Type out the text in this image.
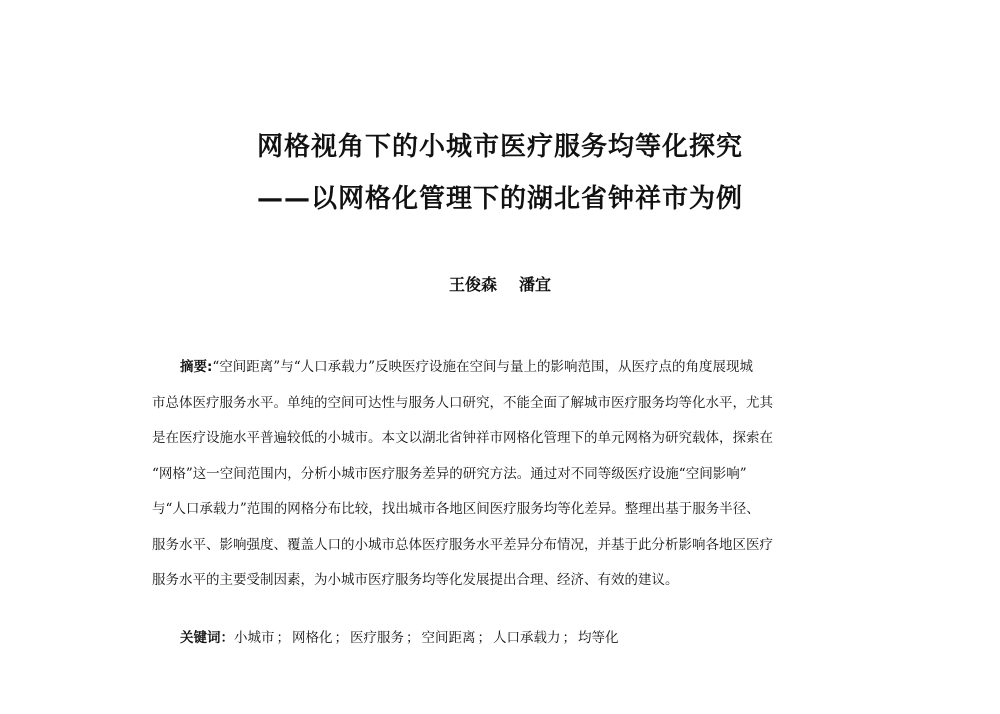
网格视角下的小城市医疗服务均等化探究
——以网格化管理下的湖北省钟祥市为例
王俊森 潘宜
摘要:“空间距离”与“人口承载力”反映医疗设施在空间与量上的影响范围，从医疗点的角度展现城
市总体医疗服务水平。单纯的空间可达性与服务人口研究，不能全面了解城市医疗服务均等化水平，尤其
是在医疗设施水平普遍较低的小城市。本文以湖北省钟祥市网格化管理下的单元网格为研究载体，探索在
“网格”这一空间范围内，分析小城市医疗服务差异的研究方法。通过对不同等级医疗设施“空间影响”
与“人口承载力”范围的网格分布比较，找出城市各地区间医疗服务均等化差异。整理出基于服务半径、
服务水平、影响强度、覆盖人口的小城市总体医疗服务水平差异分布情况，并基于此分析影响各地区医疗
服务水平的主要受制因素，为小城市医疗服务均等化发展提出合理、经济、有效的建议。
关键词：小城市 ； 网格化 ； 医疗服务 ； 空间距离 ； 人口承载力 ； 均等化
